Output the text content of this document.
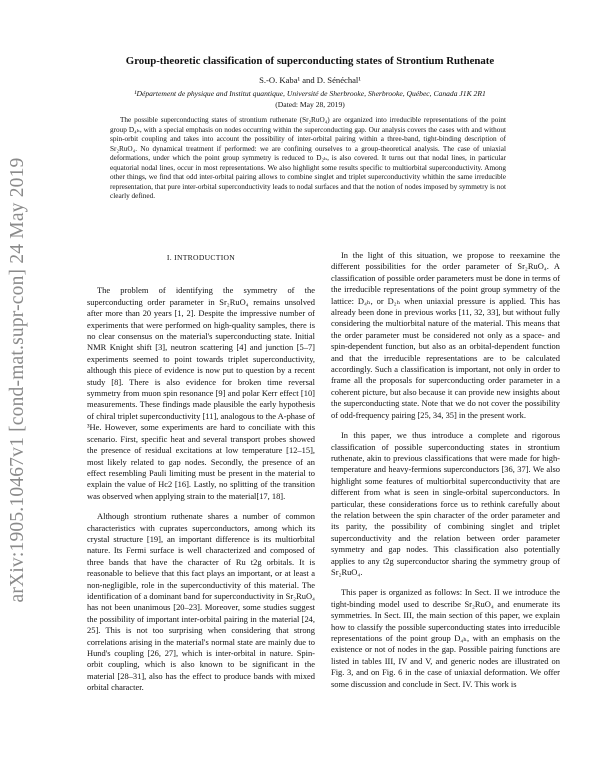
arXiv:1905.10467v1 [cond-mat.supr-con] 24 May 2019
Group-theoretic classification of superconducting states of Strontium Ruthenate
S.-O. Kaba¹ and D. Sénéchal¹
¹Département de physique and Institut quantique, Université de Sherbrooke, Sherbrooke, Québec, Canada J1K 2R1
(Dated: May 28, 2019)
The possible superconducting states of strontium ruthenate (Sr₂RuO₄) are organized into irreducible representations of the point group D₄ₕ, with a special emphasis on nodes occurring within the superconducting gap. Our analysis covers the cases with and without spin-orbit coupling and takes into account the possibility of inter-orbital pairing within a three-band, tight-binding description of Sr₂RuO₄. No dynamical treatment if performed: we are confining ourselves to a group-theoretical analysis. The case of uniaxial deformations, under which the point group symmetry is reduced to D₂ₕ, is also covered. It turns out that nodal lines, in particular equatorial nodal lines, occur in most representations. We also highlight some results specific to multiorbital superconductivity. Among other things, we find that odd inter-orbital pairing allows to combine singlet and triplet superconductivity whithin the same irreducible representation, that pure inter-orbital superconductivity leads to nodal surfaces and that the notion of nodes imposed by symmetry is not clearly defined.
I. INTRODUCTION

The problem of identifying the symmetry of the superconducting order parameter in Sr₂RuO₄ remains unsolved after more than 20 years [1, 2]. Despite the impressive number of experiments that were performed on high-quality samples, there is no clear consensus on the material's superconducting state. Initial NMR Knight shift [3], neutron scattering [4] and junction [5–7] experiments seemed to point towards triplet superconductivity, although this piece of evidence is now put to question by a recent study [8]. There is also evidence for broken time reversal symmetry from muon spin resonance [9] and polar Kerr effect [10] measurements. These findings made plausible the early hypothesis of chiral triplet superconductivity [11], analogous to the A-phase of ³He. However, some experiments are hard to conciliate with this scenario. First, specific heat and several transport probes showed the presence of residual excitations at low temperature [12–15], most likely related to gap nodes. Secondly, the presence of an effect resembling Pauli limiting must be present in the material to explain the value of Hc2 [16]. Lastly, no splitting of the transition was observed when applying strain to the material[17, 18].

Although strontium ruthenate shares a number of common characteristics with cuprates superconductors, among which its crystal structure [19], an important difference is its multiorbital nature. Its Fermi surface is well characterized and composed of three bands that have the character of Ru t2g orbitals. It is reasonable to believe that this fact plays an important, or at least a non-negligible, role in the superconductivity of this material. The identification of a dominant band for superconductivity in Sr₂RuO₄ has not been unanimous [20–23]. Moreover, some studies suggest the possibility of important inter-orbital pairing in the material [24, 25]. This is not too surprising when considering that strong correlations arising in the material's normal state are mainly due to Hund's coupling [26, 27], which is inter-orbital in nature. Spin-orbit coupling, which is also known to be significant in the material [28–31], also has the effect to produce bands with mixed orbital character.

In the light of this situation, we propose to reexamine the different possibilities for the order parameter of Sr₂RuO₄. A classification of possible order parameters must be done in terms of the irreducible representations of the point group symmetry of the lattice: D₄ₕ, or D₂ₕ when uniaxial pressure is applied. This has already been done in previous works [11, 32, 33], but without fully considering the multiorbital nature of the material. This means that the order parameter must be considered not only as a space- and spin-dependent function, but also as an orbital-dependent function and that the irreducible representations are to be calculated accordingly. Such a classification is important, not only in order to frame all the proposals for superconducting order parameter in a coherent picture, but also because it can provide new insights about the superconducting state. Note that we do not cover the possibility of odd-frequency pairing [25, 34, 35] in the present work.

In this paper, we thus introduce a complete and rigorous classification of possible superconducting states in strontium ruthenate, akin to previous classifications that were made for high-temperature and heavy-fermions superconductors [36, 37]. We also highlight some features of multiorbital superconductivity that are different from what is seen in single-orbital superconductors. In particular, these considerations force us to rethink carefully about the relation between the spin character of the order parameter and its parity, the possibility of combining singlet and triplet superconductivity and the relation between order parameter symmetry and gap nodes. This classification also potentially applies to any t2g superconductor sharing the symmetry group of Sr₂RuO₄.

This paper is organized as follows: In Sect. II we introduce the tight-binding model used to describe Sr₂RuO₄ and enumerate its symmetries. In Sect. III, the main section of this paper, we explain how to classify the possible superconducting states into irreducible representations of the point group D₄ₕ, with an emphasis on the existence or not of nodes in the gap. Possible pairing functions are listed in tables III, IV and V, and generic nodes are illustrated on Fig. 3, and on Fig. 6 in the case of uniaxial deformation. We offer some discussion and conclude in Sect. IV. This work is
